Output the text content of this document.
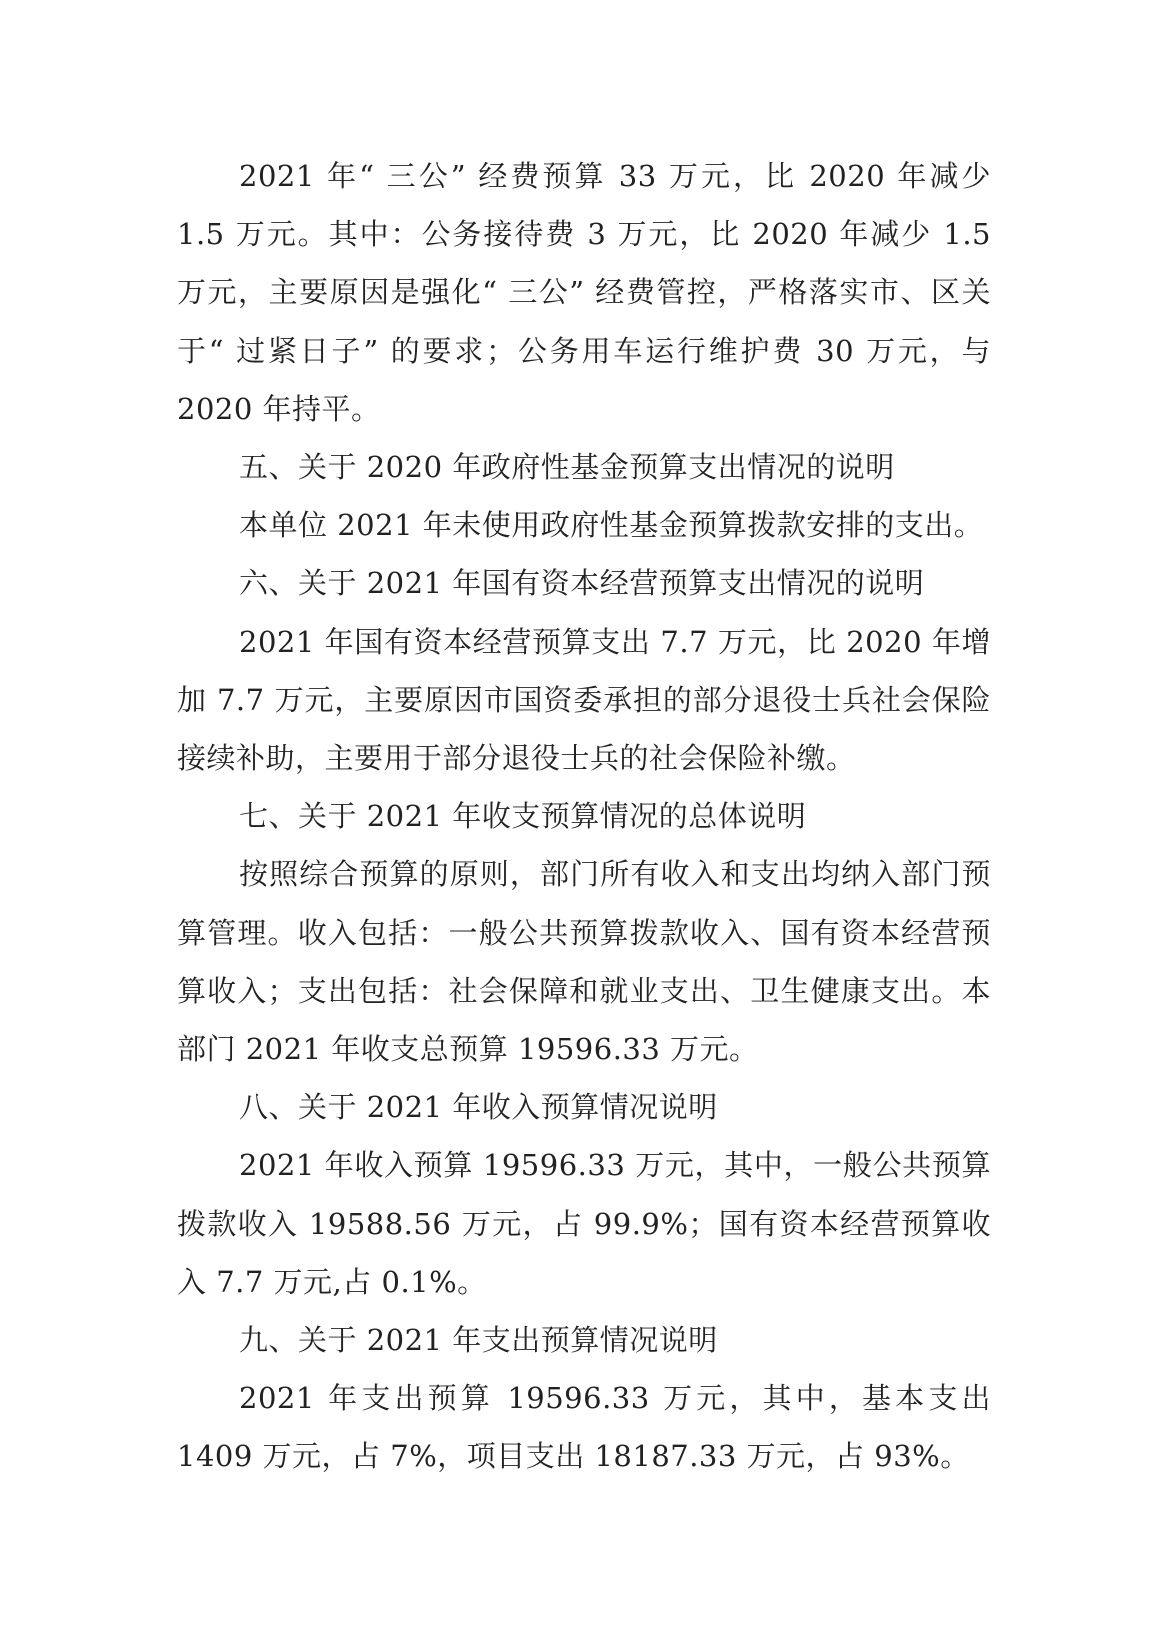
2021 年“ 三公” 经费预算 33 万元，比 2020 年减少 1.5 万元。其中：公务接待费 3 万元，比 2020 年减少 1.5 万元，主要原因是强化“ 三公” 经费管控，严格落实市、区关于“ 过紧日子” 的要求；公务用车运行维护费 30 万元，与 2020 年持平。

五、关于 2020 年政府性基金预算支出情况的说明

本单位 2021 年未使用政府性基金预算拨款安排的支出。

六、关于 2021 年国有资本经营预算支出情况的说明

2021 年国有资本经营预算支出 7.7 万元，比 2020 年增加 7.7 万元，主要原因市国资委承担的部分退役士兵社会保险接续补助，主要用于部分退役士兵的社会保险补缴。

七、关于 2021 年收支预算情况的总体说明

按照综合预算的原则，部门所有收入和支出均纳入部门预算管理。收入包括：一般公共预算拨款收入、国有资本经营预算收入；支出包括：社会保障和就业支出、卫生健康支出。本部门 2021 年收支总预算 19596.33 万元。

八、关于 2021 年收入预算情况说明

2021 年收入预算 19596.33 万元，其中，一般公共预算拨款收入 19588.56 万元，占 99.9%；国有资本经营预算收入 7.7 万元,占 0.1%。

九、关于 2021 年支出预算情况说明

2021 年支出预算 19596.33 万元，其中，基本支出 1409 万元，占 7%，项目支出 18187.33 万元，占 93%。
